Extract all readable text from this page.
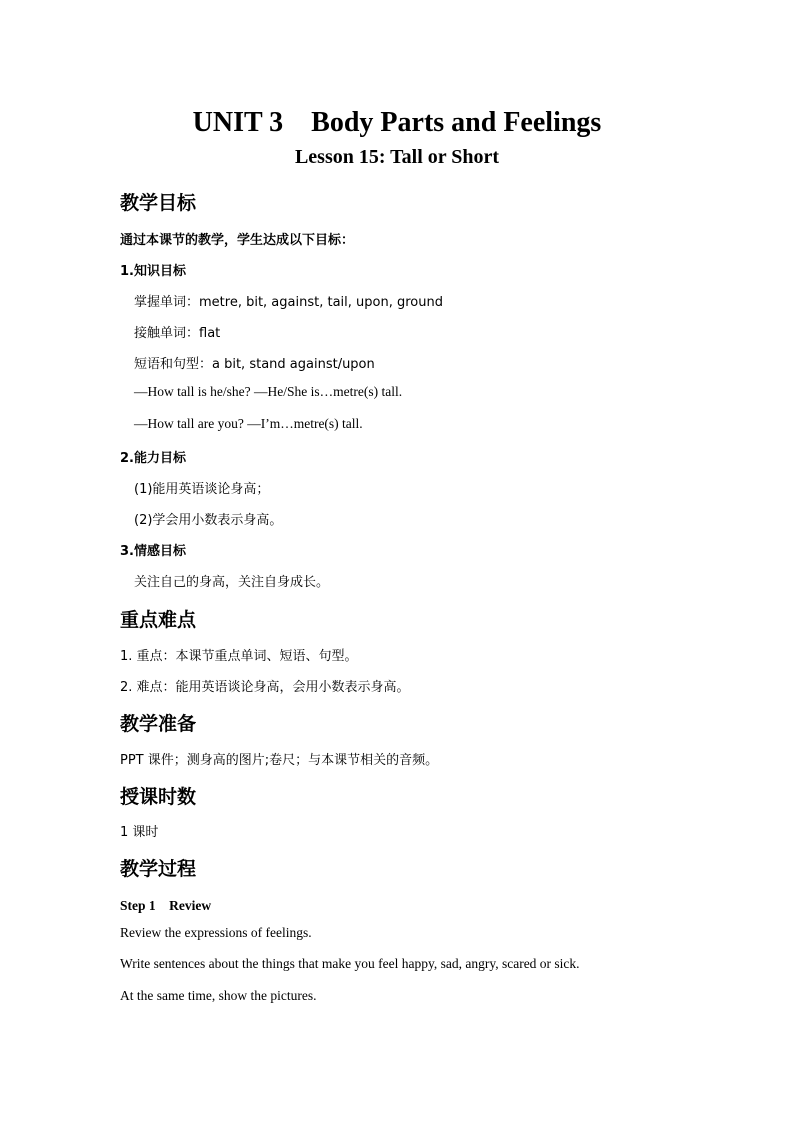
UNIT 3　Body Parts and Feelings
Lesson 15: Tall or Short
教学目标
通过本课节的教学，学生达成以下目标：
1.知识目标
掌握单词：metre, bit, against, tail, upon, ground
接触单词：flat
短语和句型：a bit, stand against/upon
—How tall is he/she? —He/She is…metre(s) tall.
—How tall are you? —I’m…metre(s) tall.
2.能力目标
(1)能用英语谈论身高；
(2)学会用小数表示身高。
3.情感目标
关注自己的身高，关注自身成长。
重点难点
1. 重点：本课节重点单词、短语、句型。
2. 难点：能用英语谈论身高，会用小数表示身高。
教学准备
PPT 课件；测身高的图片;卷尺；与本课节相关的音频。
授课时数
1 课时
教学过程
Step 1　Review
Review the expressions of feelings.
Write sentences about the things that make you feel happy, sad, angry, scared or sick.
At the same time, show the pictures.
